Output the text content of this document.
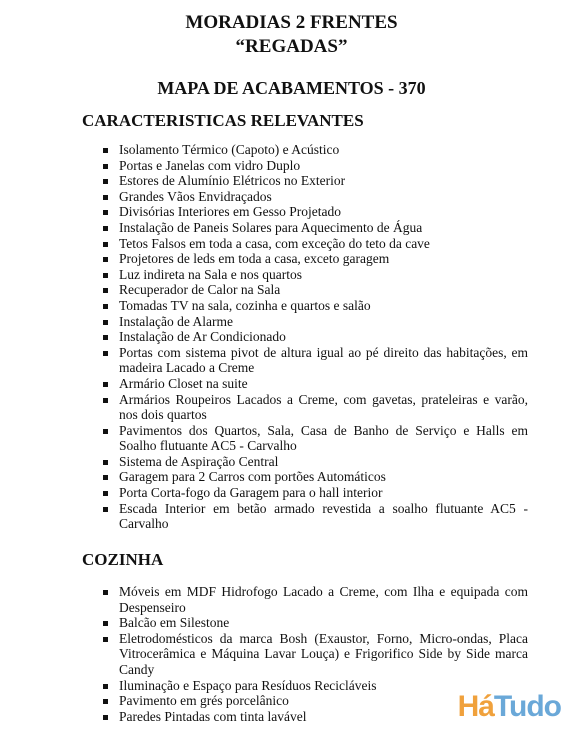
MORADIAS 2 FRENTES
“REGADAS”
MAPA DE ACABAMENTOS - 370
CARACTERISTICAS RELEVANTES
Isolamento Térmico (Capoto) e Acústico
Portas e Janelas com vidro Duplo
Estores de Alumínio Elétricos no Exterior
Grandes Vãos Envidraçados
Divisórias Interiores em Gesso Projetado
Instalação de Paneis Solares para Aquecimento de Água
Tetos Falsos em toda a casa, com exceção do teto da cave
Projetores de leds em toda a casa, exceto garagem
Luz indireta na Sala e nos quartos
Recuperador de Calor na Sala
Tomadas TV na sala, cozinha e quartos e salão
Instalação de Alarme
Instalação de Ar Condicionado
Portas com sistema pivot de altura igual ao pé direito das habitações, em madeira Lacado a Creme
Armário Closet na suite
Armários Roupeiros Lacados a Creme, com gavetas, prateleiras e varão, nos dois quartos
Pavimentos dos Quartos, Sala, Casa de Banho de Serviço e Halls em Soalho flutuante AC5 - Carvalho
Sistema de Aspiração Central
Garagem para 2 Carros com portões Automáticos
Porta Corta-fogo da Garagem para o hall interior
Escada Interior em betão armado revestida a soalho flutuante AC5 - Carvalho
COZINHA
Móveis em MDF Hidrofogo Lacado a Creme, com Ilha e equipada com Despenseiro
Balcão em Silestone
Eletrodomésticos da marca Bosh (Exaustor, Forno, Micro-ondas, Placa Vitrocerâmica e Máquina Lavar Louça) e Frigorifico Side by Side marca Candy
Iluminação e Espaço para Resíduos Recicláveis
Pavimento em grés porcelânico
Paredes Pintadas com tinta lavável	HáTudo
